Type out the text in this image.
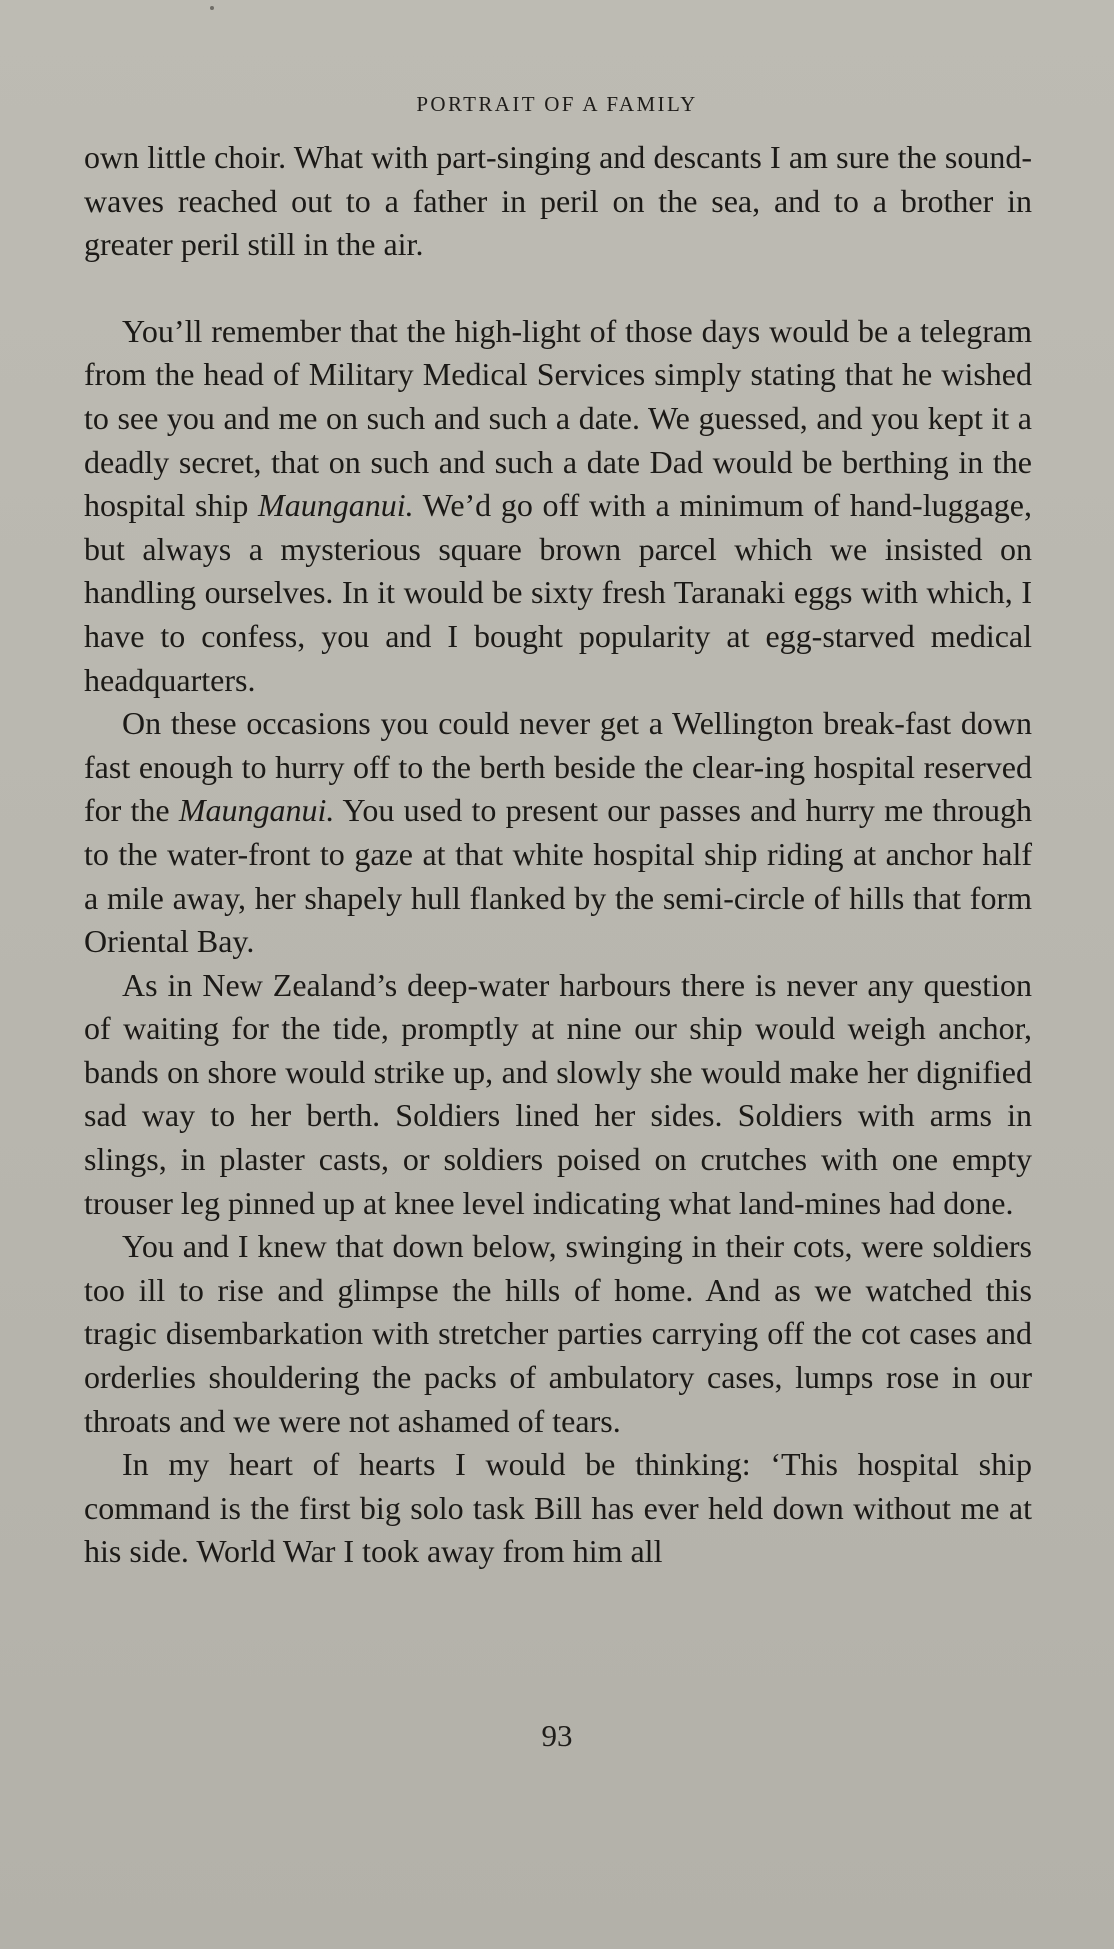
PORTRAIT OF A FAMILY

own little choir. What with part-singing and descants I am sure the sound-waves reached out to a father in peril on the sea, and to a brother in greater peril still in the air.

You’ll remember that the high-light of those days would be a telegram from the head of Military Medical Services simply stating that he wished to see you and me on such and such a date. We guessed, and you kept it a deadly secret, that on such and such a date Dad would be berthing in the hospital ship Maunganui. We’d go off with a minimum of hand-luggage, but always a mysterious square brown parcel which we insisted on handling ourselves. In it would be sixty fresh Taranaki eggs with which, I have to confess, you and I bought popularity at egg-starved medical headquarters.

On these occasions you could never get a Wellington break-fast down fast enough to hurry off to the berth beside the clear-ing hospital reserved for the Maunganui. You used to present our passes and hurry me through to the water-front to gaze at that white hospital ship riding at anchor half a mile away, her shapely hull flanked by the semi-circle of hills that form Oriental Bay.

As in New Zealand’s deep-water harbours there is never any question of waiting for the tide, promptly at nine our ship would weigh anchor, bands on shore would strike up, and slowly she would make her dignified sad way to her berth. Soldiers lined her sides. Soldiers with arms in slings, in plaster casts, or soldiers poised on crutches with one empty trouser leg pinned up at knee level indicating what land-mines had done.

You and I knew that down below, swinging in their cots, were soldiers too ill to rise and glimpse the hills of home. And as we watched this tragic disembarkation with stretcher parties carrying off the cot cases and orderlies shouldering the packs of ambulatory cases, lumps rose in our throats and we were not ashamed of tears.

In my heart of hearts I would be thinking: ‘This hospital ship command is the first big solo task Bill has ever held down without me at his side. World War I took away from him all

93
